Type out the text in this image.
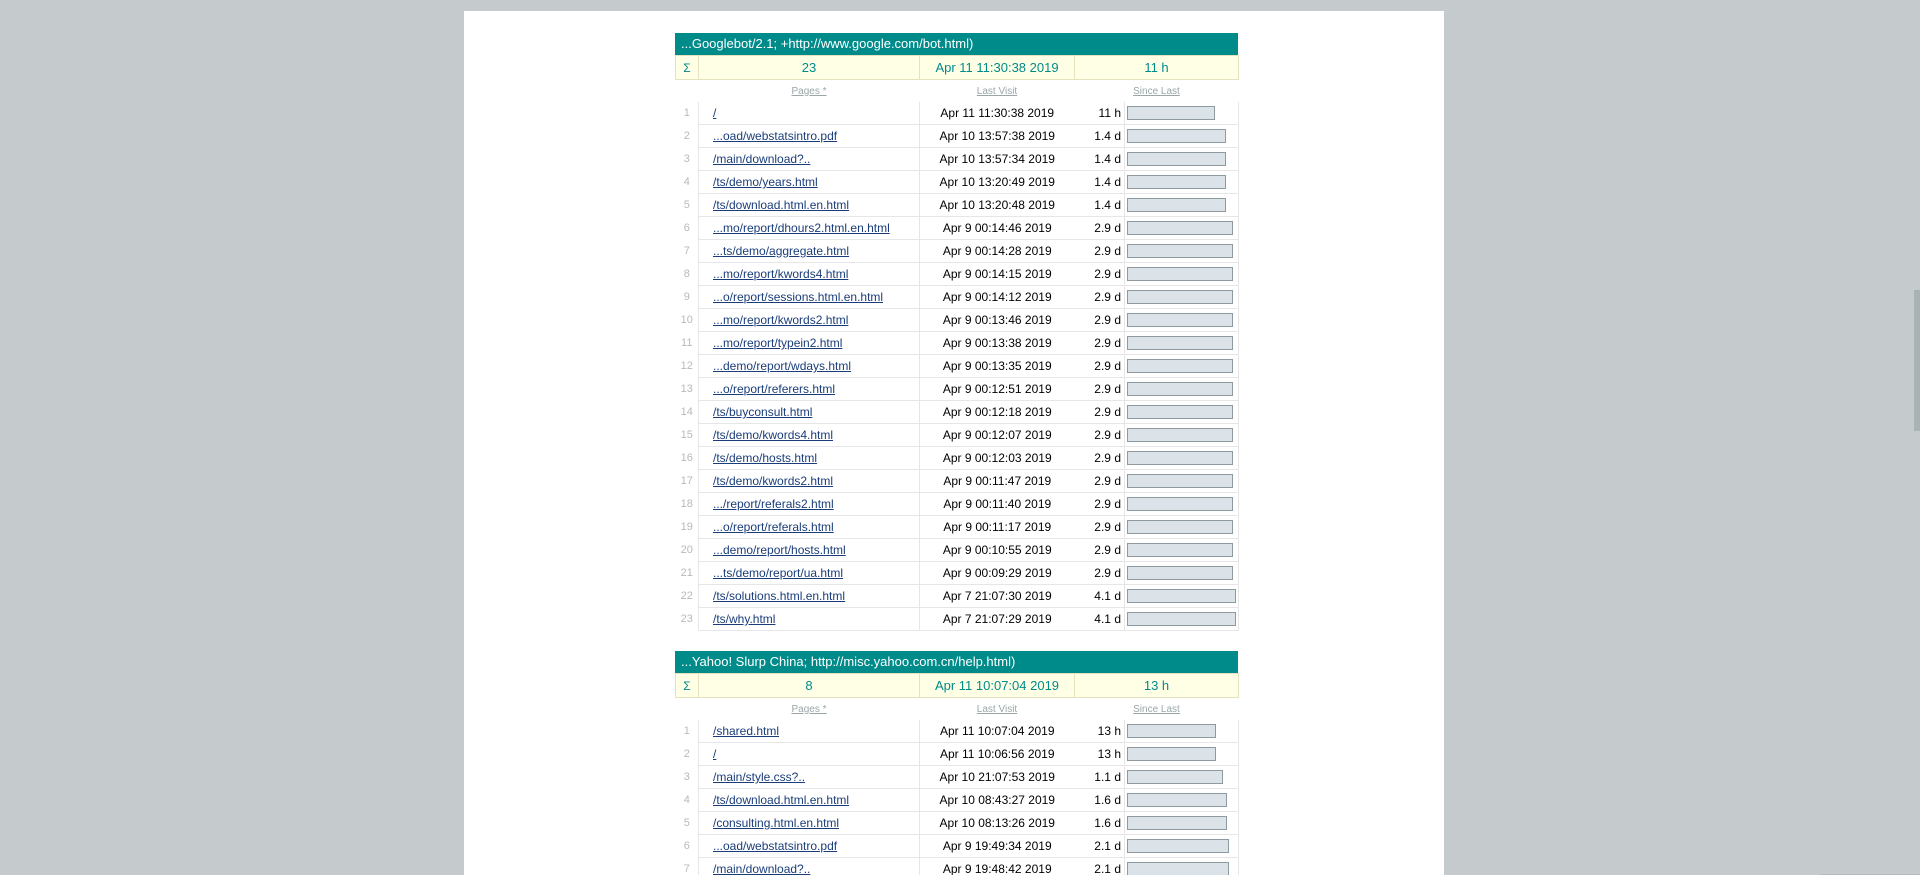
...Googlebot/2.1; +http://www.google.com/bot.html)
Σ	23	Apr 11 11:30:38 2019	11 h	
	Pages *	Last Visit	Since Last	
1	/	Apr 11 11:30:38 2019	11 h	

2	...oad/webstatsintro.pdf	Apr 10 13:57:38 2019	1.4 d	

3	/main/download?..	Apr 10 13:57:34 2019	1.4 d	

4	/ts/demo/years.html	Apr 10 13:20:49 2019	1.4 d	

5	/ts/download.html.en.html	Apr 10 13:20:48 2019	1.4 d	

6	...mo/report/dhours2.html.en.html	Apr 9 00:14:46 2019	2.9 d	

7	...ts/demo/aggregate.html	Apr 9 00:14:28 2019	2.9 d	

8	...mo/report/kwords4.html	Apr 9 00:14:15 2019	2.9 d	

9	...o/report/sessions.html.en.html	Apr 9 00:14:12 2019	2.9 d	

10	...mo/report/kwords2.html	Apr 9 00:13:46 2019	2.9 d	

11	...mo/report/typein2.html	Apr 9 00:13:38 2019	2.9 d	

12	...demo/report/wdays.html	Apr 9 00:13:35 2019	2.9 d	

13	...o/report/referers.html	Apr 9 00:12:51 2019	2.9 d	

14	/ts/buyconsult.html	Apr 9 00:12:18 2019	2.9 d	

15	/ts/demo/kwords4.html	Apr 9 00:12:07 2019	2.9 d	

16	/ts/demo/hosts.html	Apr 9 00:12:03 2019	2.9 d	

17	/ts/demo/kwords2.html	Apr 9 00:11:47 2019	2.9 d	

18	.../report/referals2.html	Apr 9 00:11:40 2019	2.9 d	

19	...o/report/referals.html	Apr 9 00:11:17 2019	2.9 d	

20	...demo/report/hosts.html	Apr 9 00:10:55 2019	2.9 d	

21	...ts/demo/report/ua.html	Apr 9 00:09:29 2019	2.9 d	

22	/ts/solutions.html.en.html	Apr 7 21:07:30 2019	4.1 d	

23	/ts/why.html	Apr 7 21:07:29 2019	4.1 d	
...Yahoo! Slurp China; http://misc.yahoo.com.cn/help.html)
Σ	8	Apr 11 10:07:04 2019	13 h	
	Pages *	Last Visit	Since Last	
1	/shared.html	Apr 11 10:07:04 2019	13 h	

2	/	Apr 11 10:06:56 2019	13 h	

3	/main/style.css?..	Apr 10 21:07:53 2019	1.1 d	

4	/ts/download.html.en.html	Apr 10 08:43:27 2019	1.6 d	

5	/consulting.html.en.html	Apr 10 08:13:26 2019	1.6 d	

6	...oad/webstatsintro.pdf	Apr 9 19:49:34 2019	2.1 d	

7	/main/download?..	Apr 9 19:48:42 2019	2.1 d	
